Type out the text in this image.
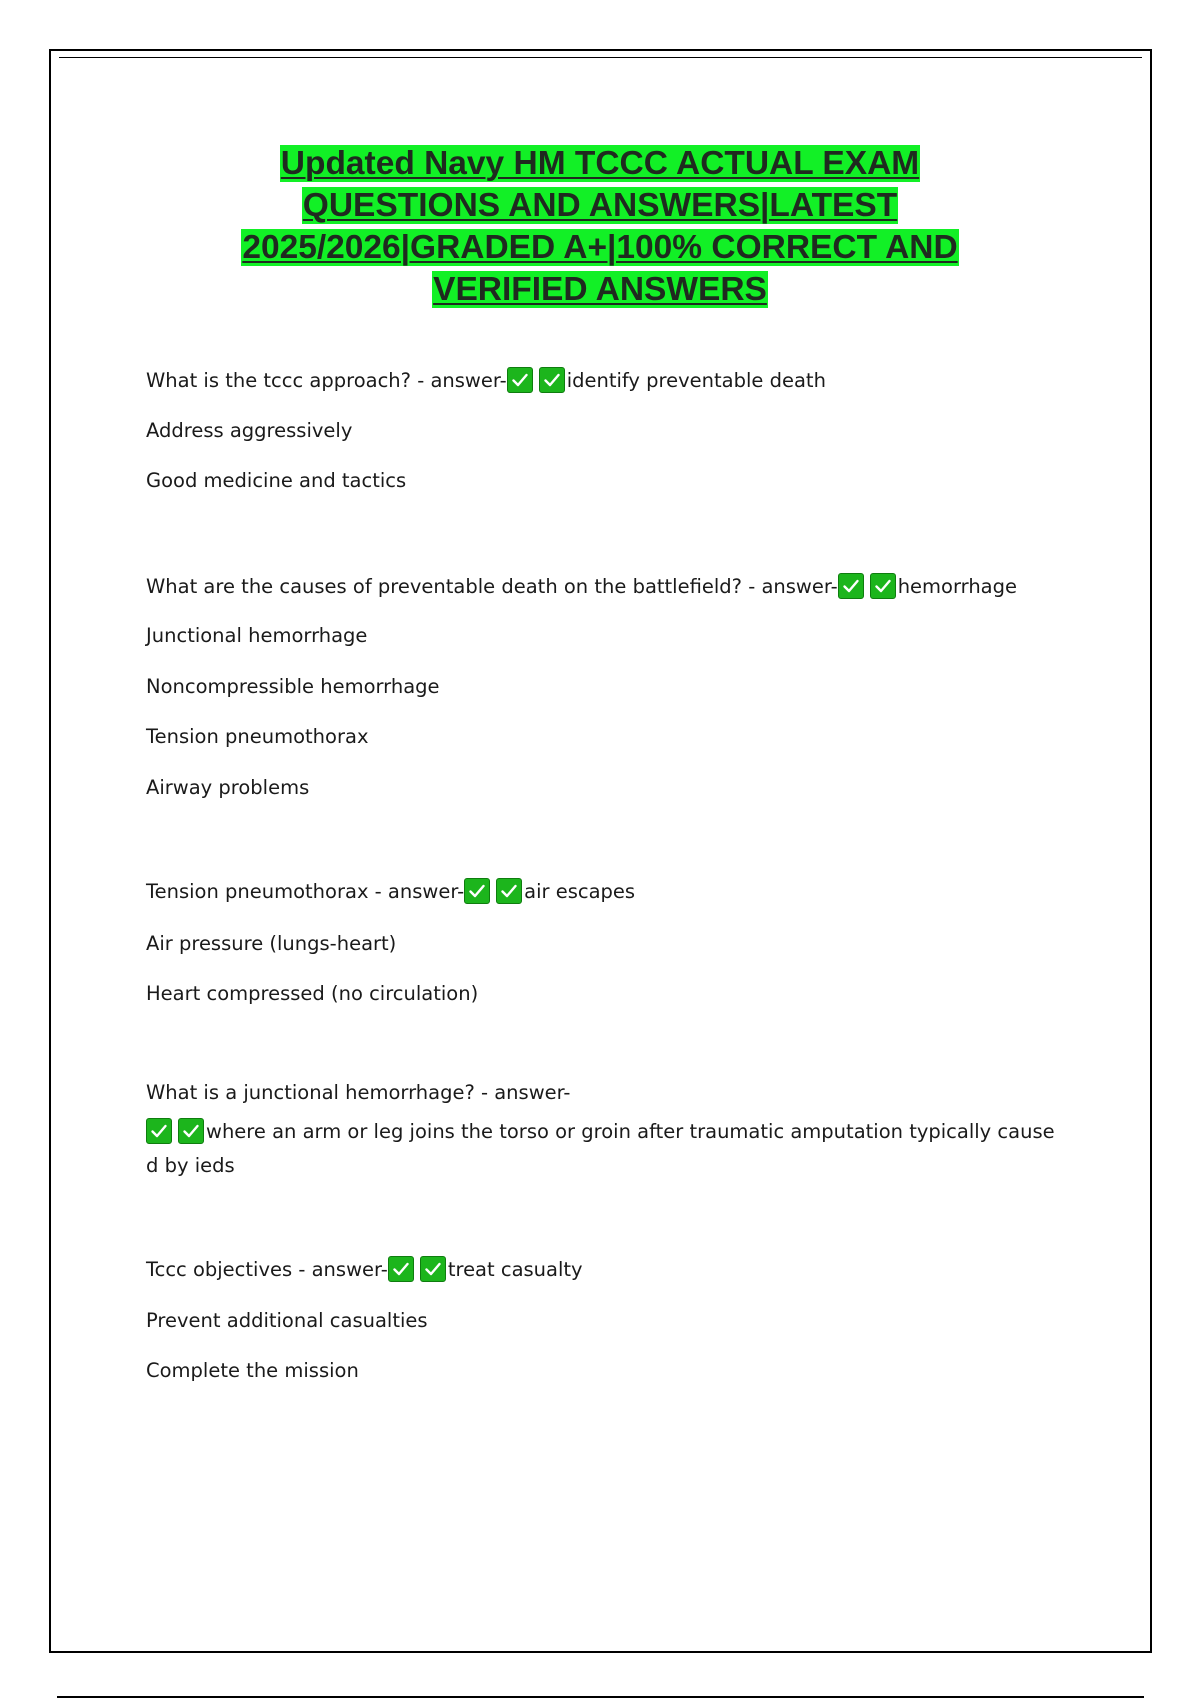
Updated Navy HM TCCC ACTUAL EXAM
QUESTIONS AND ANSWERS|LATEST
2025/2026|GRADED A+|100% CORRECT AND
VERIFIED ANSWERS
What is the tccc approach? - answer-	identify preventable death
Address aggressively
Good medicine and tactics
What are the causes of preventable death on the battlefield? - answer-	hemorrhage
Junctional hemorrhage
Noncompressible hemorrhage
Tension pneumothorax
Airway problems
Tension pneumothorax - answer-	air escapes
Air pressure (lungs-heart)
Heart compressed (no circulation)
What is a junctional hemorrhage? - answer-
where an arm or leg joins the torso or groin after traumatic amputation typically cause
d by ieds
Tccc objectives - answer-	treat casualty
Prevent additional casualties
Complete the mission
